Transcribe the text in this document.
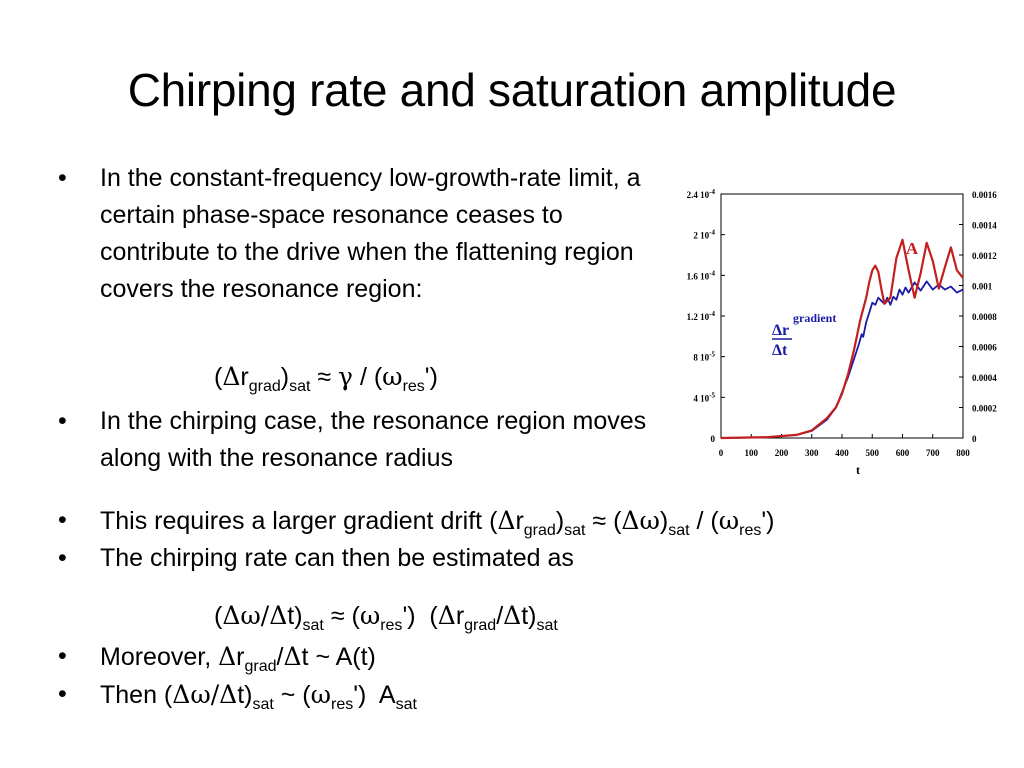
Chirping rate and saturation amplitude
• In the constant-frequency low-growth-rate limit, a certain phase-space resonance ceases to contribute to the drive when the flattening region covers the resonance region:
$(\Delta r_{grad})_{sat} \approx \gamma / (\omega_{res}')$
• In the chirping case, the resonance region moves along with the resonance radius
• This requires a larger gradient drift $(\Delta r_{grad})_{sat} \approx (\Delta\omega)_{sat} / (\omega_{res}')$
• The chirping rate can then be estimated as
$(\Delta\omega/\Delta t)_{sat} \approx (\omega_{res}')$  $(\Delta r_{grad}/\Delta t)_{sat}$
• Moreover, $\Delta r_{grad}/\Delta t$ ~ A(t)
• Then $(\Delta\omega/\Delta t)_{sat}$ ~ $(\omega_{res}')$  $A_{sat}$
0
4 $10^{-5}$
8 $10^{-5}$
1.2 $10^{-4}$
1.6 $10^{-4}$
2 $10^{-4}$
2.4 $10^{-4}$
0
0.0002
0.0004
0.0006
0.0008
0.001
0.0012
0.0014
0.0016
0 100 200 300 400 500 600 700 800
t
A
Δr
Δt
gradient
